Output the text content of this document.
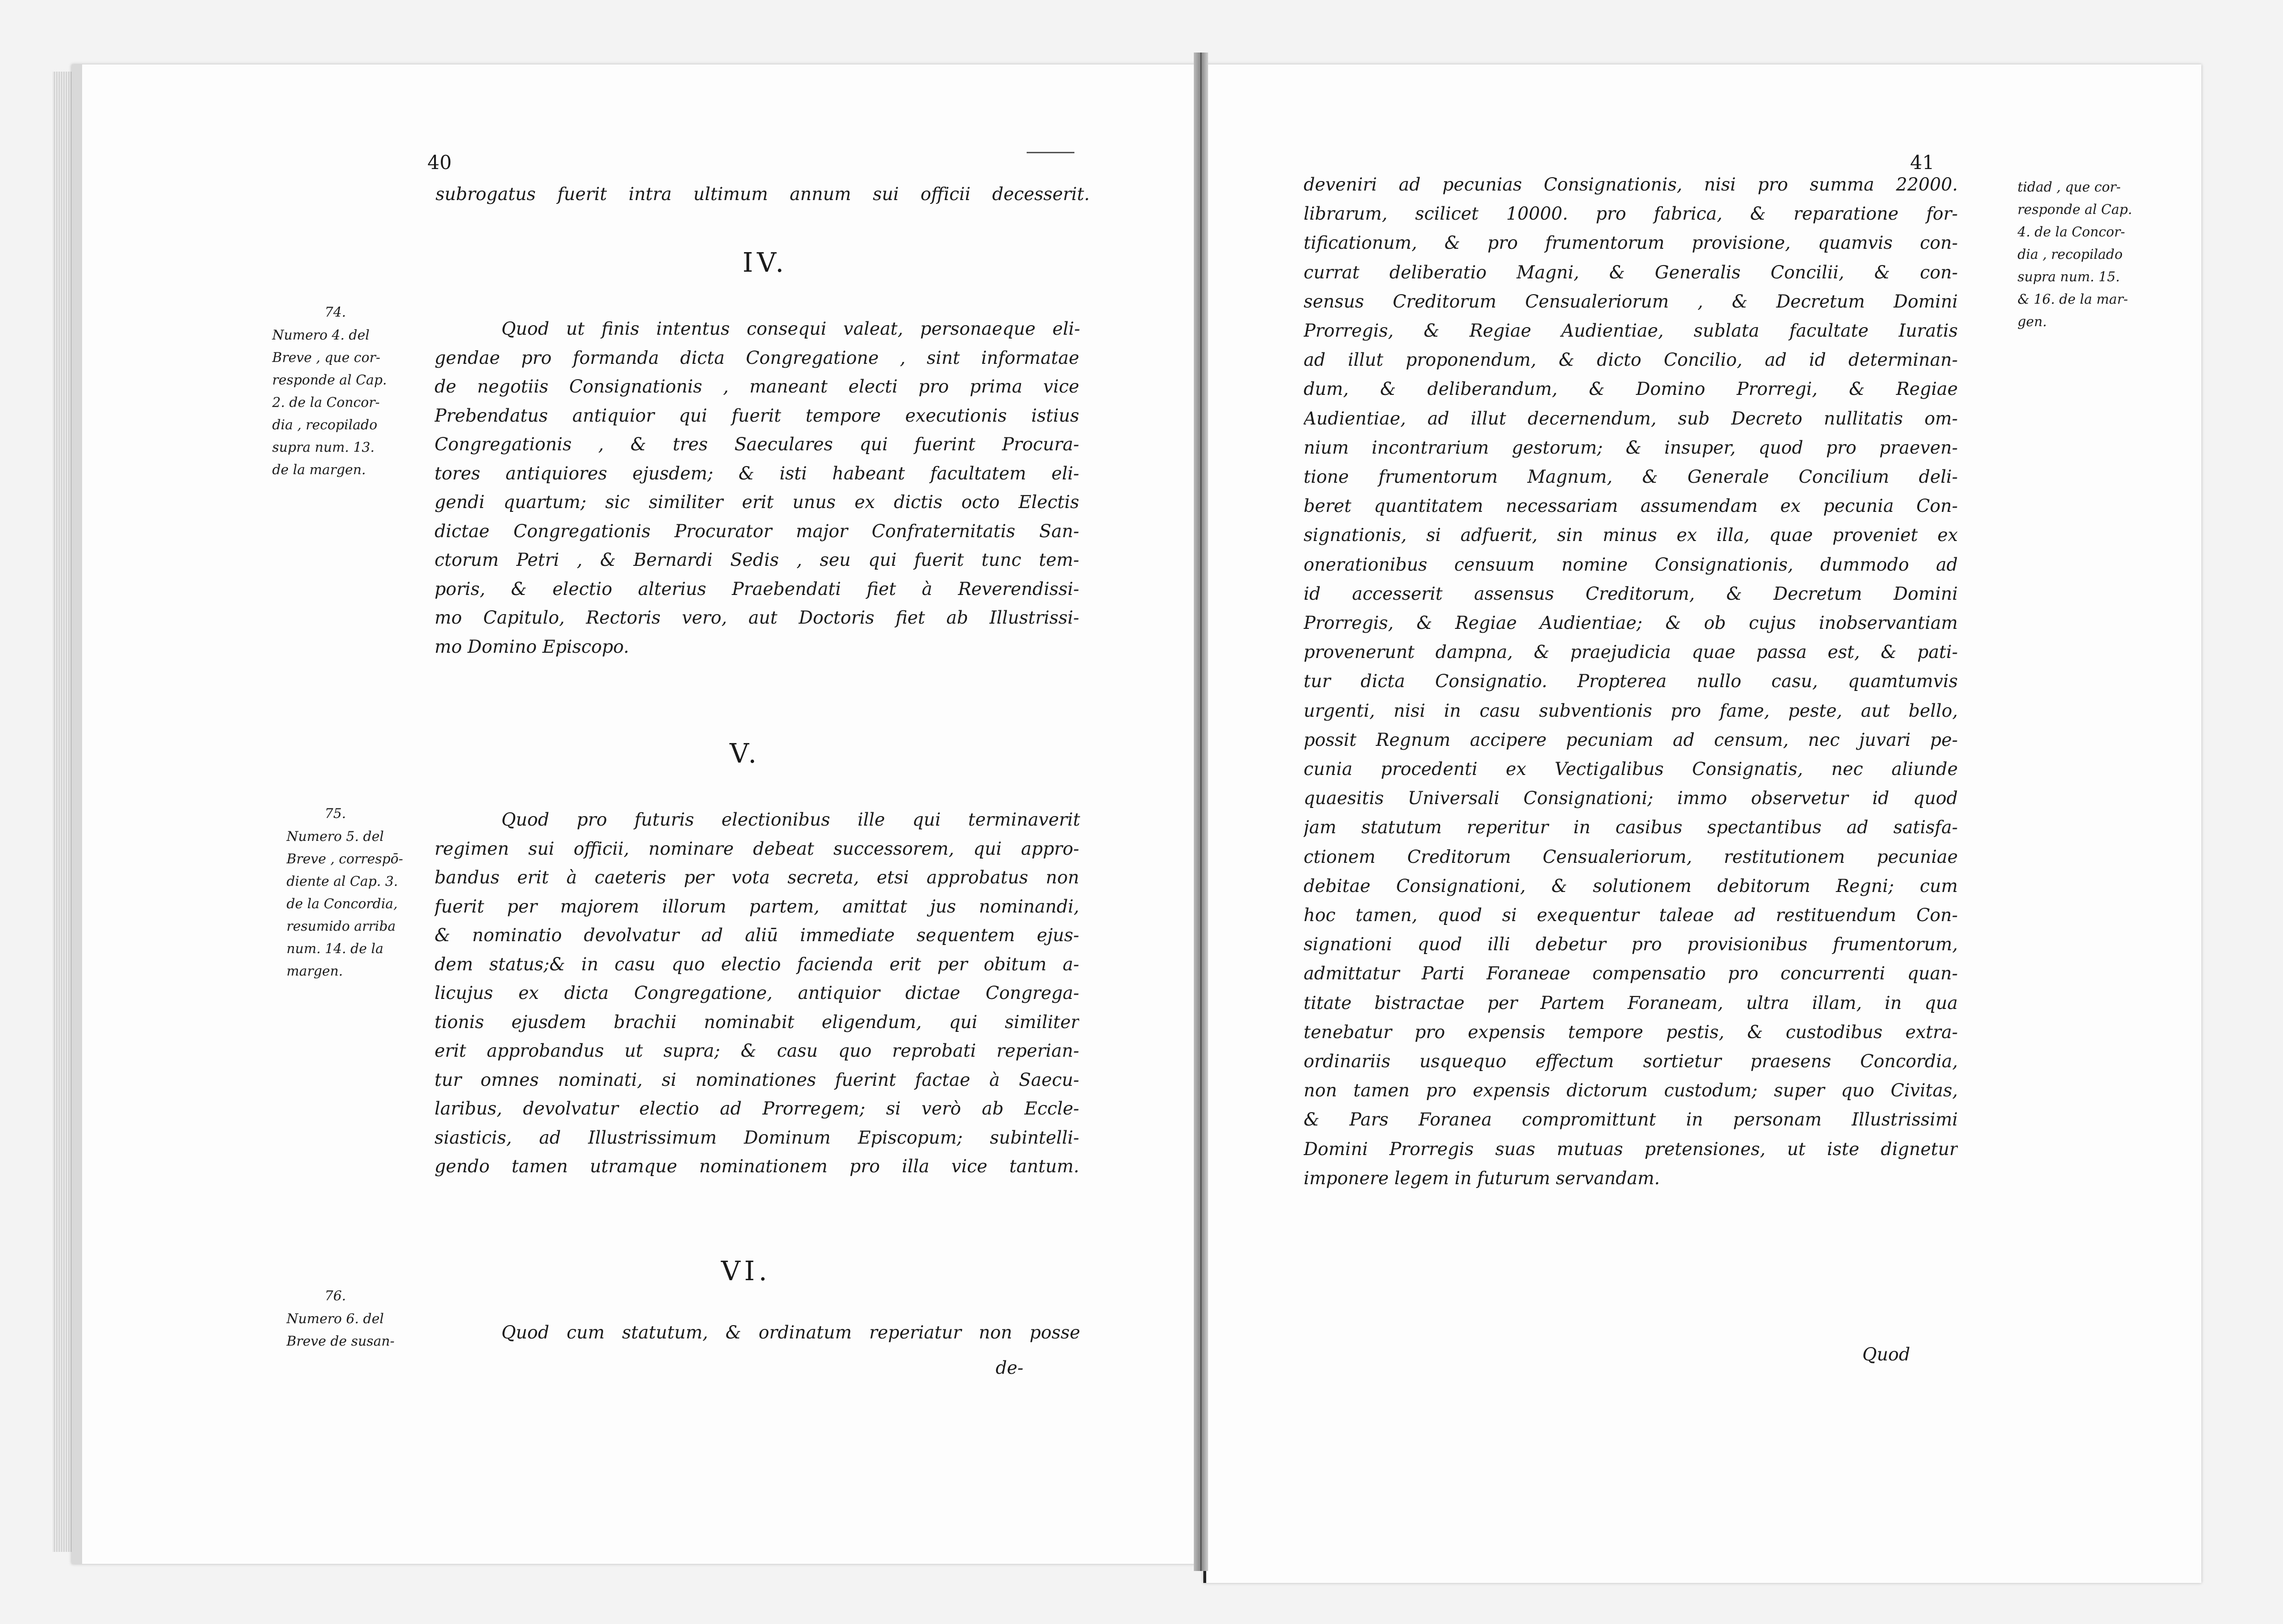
40
IV.
V.
VI.
41
subrogatus fuerit intra ultimum annum sui officii decesserit.
Quod ut finis intentus consequi valeat, personaeque eli-
gendae pro formanda dicta Congregatione , sint informatae
de negotiis Consignationis , maneant electi pro prima vice
Prebendatus antiquior qui fuerit tempore executionis istius
Congregationis , & tres Saeculares qui fuerint Procura-
tores antiquiores ejusdem; & isti habeant facultatem eli-
gendi quartum; sic similiter erit unus ex dictis octo Electis
dictae Congregationis Procurator major Confraternitatis San-
ctorum Petri , & Bernardi Sedis , seu qui fuerit tunc tem-
poris, & electio alterius Praebendati fiet à Reverendissi-
mo Capitulo, Rectoris vero, aut Doctoris fiet ab Illustrissi-
mo Domino Episcopo.
Quod pro futuris electionibus ille qui terminaverit
regimen sui officii, nominare debeat successorem, qui appro-
bandus erit à caeteris per vota secreta, etsi approbatus non
fuerit per majorem illorum partem, amittat jus nominandi,
& nominatio devolvatur ad aliū immediate sequentem ejus-
dem status;& in casu quo electio facienda erit per obitum a-
licujus ex dicta Congregatione, antiquior dictae Congrega-
tionis ejusdem brachii nominabit eligendum, qui similiter
erit approbandus ut supra; & casu quo reprobati reperian-
tur omnes nominati, si nominationes fuerint factae à Saecu-
laribus, devolvatur electio ad Prorregem; si verò ab Eccle-
siasticis, ad Illustrissimum Dominum Episcopum; subintelli-
gendo tamen utramque nominationem pro illa vice tantum.
Quod cum statutum, & ordinatum reperiatur non posse
de-
74.
Numero 4. del
Breve , que cor-
responde al Cap.
2. de la Concor-
dia , recopilado
supra num. 13.
de la margen.
75.
Numero 5. del
Breve , correspō-
diente al Cap. 3.
de la Concordia,
resumido arriba
num. 14. de la
margen.
76.
Numero 6. del
Breve de susan-
deveniri ad pecunias Consignationis, nisi pro summa 22000.
librarum, scilicet 10000. pro fabrica, & reparatione for-
tificationum, & pro frumentorum provisione, quamvis con-
currat deliberatio Magni, & Generalis Concilii, & con-
sensus Creditorum Censualeriorum , & Decretum Domini
Prorregis, & Regiae Audientiae, sublata facultate Iuratis
ad illut proponendum, & dicto Concilio, ad id determinan-
dum, & deliberandum, & Domino Prorregi, & Regiae
Audientiae, ad illut decernendum, sub Decreto nullitatis om-
nium incontrarium gestorum; & insuper, quod pro praeven-
tione frumentorum Magnum, & Generale Concilium deli-
beret quantitatem necessariam assumendam ex pecunia Con-
signationis, si adfuerit, sin minus ex illa, quae proveniet ex
onerationibus censuum nomine Consignationis, dummodo ad
id accesserit assensus Creditorum, & Decretum Domini
Prorregis, & Regiae Audientiae; & ob cujus inobservantiam
provenerunt dampna, & praejudicia quae passa est, & pati-
tur dicta Consignatio. Propterea nullo casu, quamtumvis
urgenti, nisi in casu subventionis pro fame, peste, aut bello,
possit Regnum accipere pecuniam ad censum, nec juvari pe-
cunia procedenti ex Vectigalibus Consignatis, nec aliunde
quaesitis Universali Consignationi; immo observetur id quod
jam statutum reperitur in casibus spectantibus ad satisfa-
ctionem Creditorum Censualeriorum, restitutionem pecuniae
debitae Consignationi, & solutionem debitorum Regni; cum
hoc tamen, quod si exequentur taleae ad restituendum Con-
signationi quod illi debetur pro provisionibus frumentorum,
admittatur Parti Foraneae compensatio pro concurrenti quan-
titate bistractae per Partem Foraneam, ultra illam, in qua
tenebatur pro expensis tempore pestis, & custodibus extra-
ordinariis usquequo effectum sortietur praesens Concordia,
non tamen pro expensis dictorum custodum; super quo Civitas,
& Pars Foranea compromittunt in personam Illustrissimi
Domini Prorregis suas mutuas pretensiones, ut iste dignetur
imponere legem in futurum servandam.
Quod
tidad , que cor-
responde al Cap.
4. de la Concor-
dia , recopilado
supra num. 15.
& 16. de la mar-
gen.
